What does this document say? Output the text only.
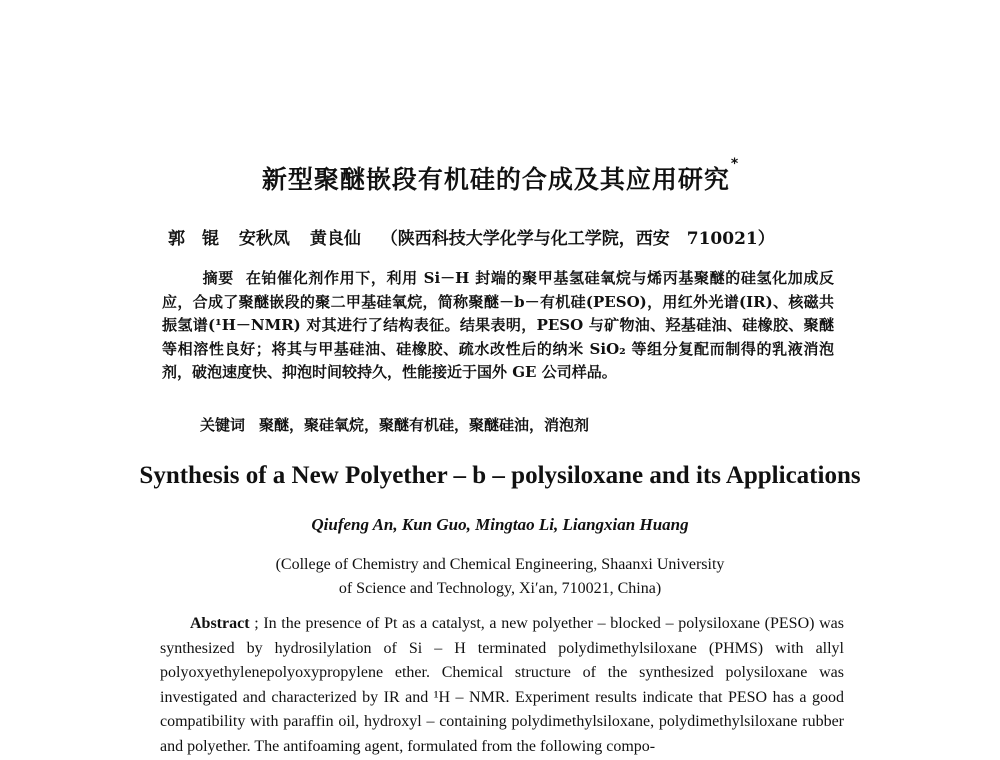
新型聚醚嵌段有机硅的合成及其应用研究*
郭　锟 安秋凤 黄良仙 （陕西科技大学化学与化工学院，西安　710021）
摘要 在铂催化剂作用下，利用 Si－H 封端的聚甲基氢硅氧烷与烯丙基聚醚的硅氢化加成反应，合成了聚醚嵌段的聚二甲基硅氧烷，简称聚醚－b－有机硅(PESO)，用红外光谱(IR)、核磁共振氢谱(¹H－NMR) 对其进行了结构表征。结果表明，PESO 与矿物油、羟基硅油、硅橡胶、聚醚等相溶性良好；将其与甲基硅油、硅橡胶、疏水改性后的纳米 SiO₂ 等组分复配而制得的乳液消泡剂，破泡速度快、抑泡时间较持久，性能接近于国外 GE 公司样品。
关键词 聚醚，聚硅氧烷，聚醚有机硅，聚醚硅油，消泡剂
Synthesis of a New Polyether – b – polysiloxane and its Applications
Qiufeng An, Kun Guo, Mingtao Li, Liangxian Huang
(College of Chemistry and Chemical Engineering, Shaanxi University
of Science and Technology, Xi′an, 710021, China)
Abstract ; In the presence of Pt as a catalyst, a new polyether – blocked – polysiloxane (PESO) was synthesized by hydrosilylation of Si – H terminated polydimethylsiloxane (PHMS) with allyl polyoxyethylenepolyoxypropylene ether. Chemical structure of the synthesized polysiloxane was investigated and characterized by IR and ¹H – NMR. Experiment results indicate that PESO has a good compatibility with paraffin oil, hydroxyl – containing polydimethylsiloxane, polydimethylsiloxane rubber and polyether. The antifoaming agent, formulated from the following compo-
